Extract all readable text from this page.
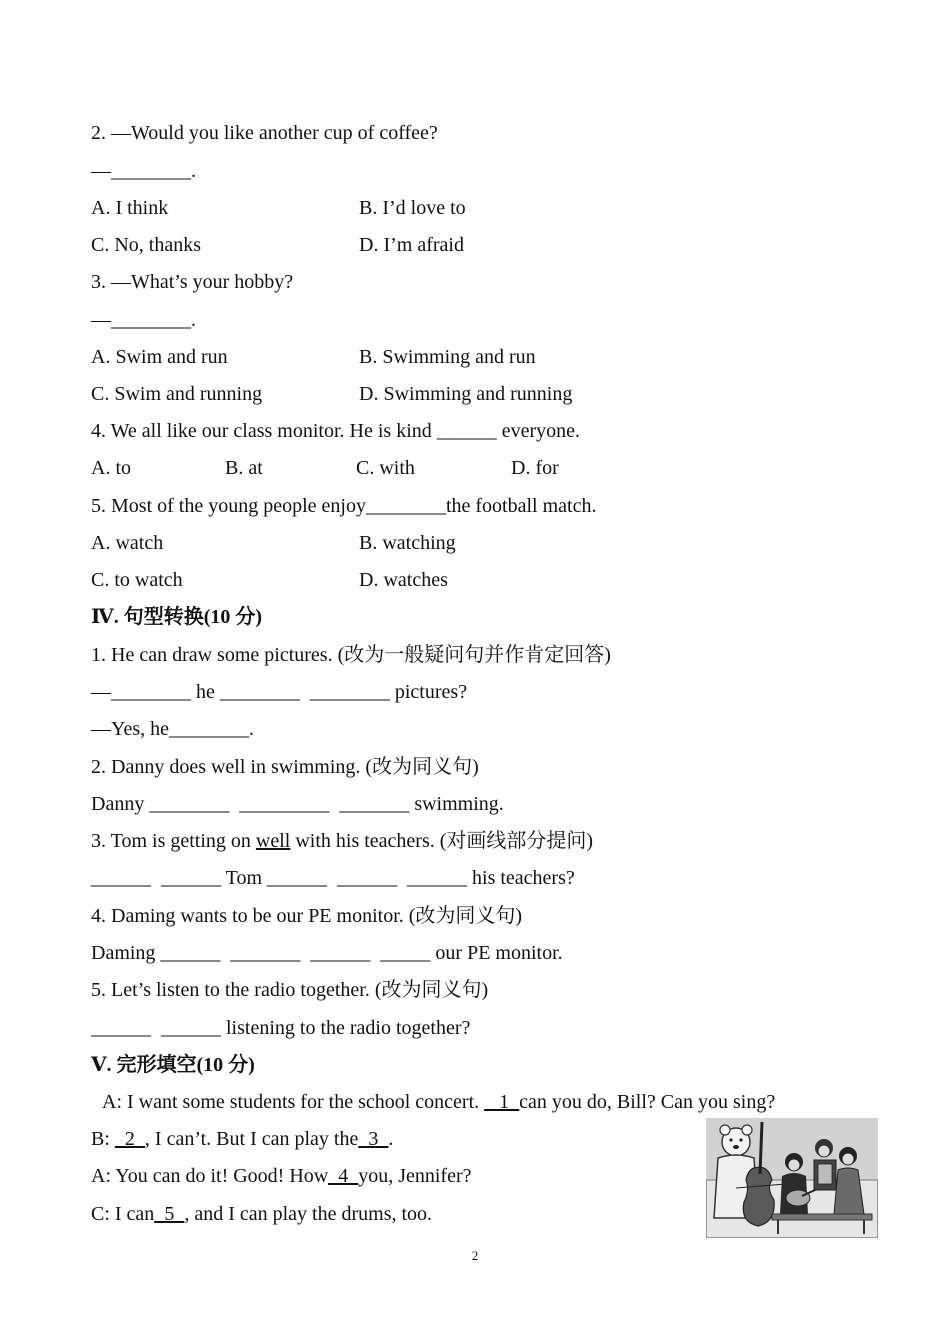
2. —Would you like another cup of coffee?
—________.
A. I think	B. I’d love to
C. No, thanks	D. I’m afraid
3. —What’s your hobby?
—________.
A. Swim and run	B. Swimming and run
C. Swim and running	D. Swimming and running
4. We all like our class monitor. He is kind ______ everyone.
A. to	B. at	C. with	D. for
5. Most of the young people enjoy________the football match.
A. watch	B. watching
C. to watch	D. watches
Ⅳ. 句型转换(10 分)
1. He can draw some pictures. (改为一般疑问句并作肯定回答)
—________ he ________  ________ pictures?
—Yes, he________.
2. Danny does well in swimming. (改为同义句)
Danny ________  _________  _______ swimming.
3. Tom is getting on well with his teachers. (对画线部分提问)
______  ______ Tom ______  ______  ______ his teachers?
4. Daming wants to be our PE monitor. (改为同义句)
Daming ______  _______  ______  _____ our PE monitor.
5. Let’s listen to the radio together. (改为同义句)
______  ______ listening to the radio together?
Ⅴ. 完形填空(10 分)
A: I want some students for the school concert.  _1_can you do, Bill? Can you sing?
B: _2_, I can’t. But I can play the_3_.
A: You can do it! Good! How_4_you, Jennifer?
C: I can_5_, and I can play the drums, too.
2
